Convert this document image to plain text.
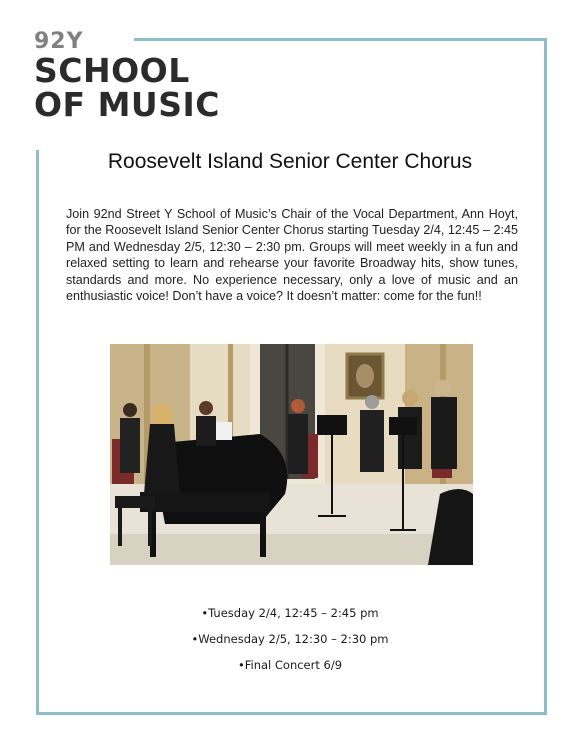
92Y
SCHOOL
OF MUSIC
Roosevelt Island Senior Center Chorus
Join 92nd Street Y School of Music’s Chair of the Vocal Department, Ann Hoyt, for the Roosevelt Island Senior Center Chorus starting Tuesday 2/4, 12:45 – 2:45 PM and Wednesday 2/5, 12:30 – 2:30 pm. Groups will meet weekly in a fun and relaxed setting to learn and rehearse your favorite Broadway hits, show tunes, standards and more. No experience necessary, only a love of music and an enthusiastic voice! Don’t have a voice? It doesn’t matter: come for the fun!!
•Tuesday 2/4, 12:45 – 2:45 pm
•Wednesday 2/5, 12:30 – 2:30 pm
•Final Concert 6/9
